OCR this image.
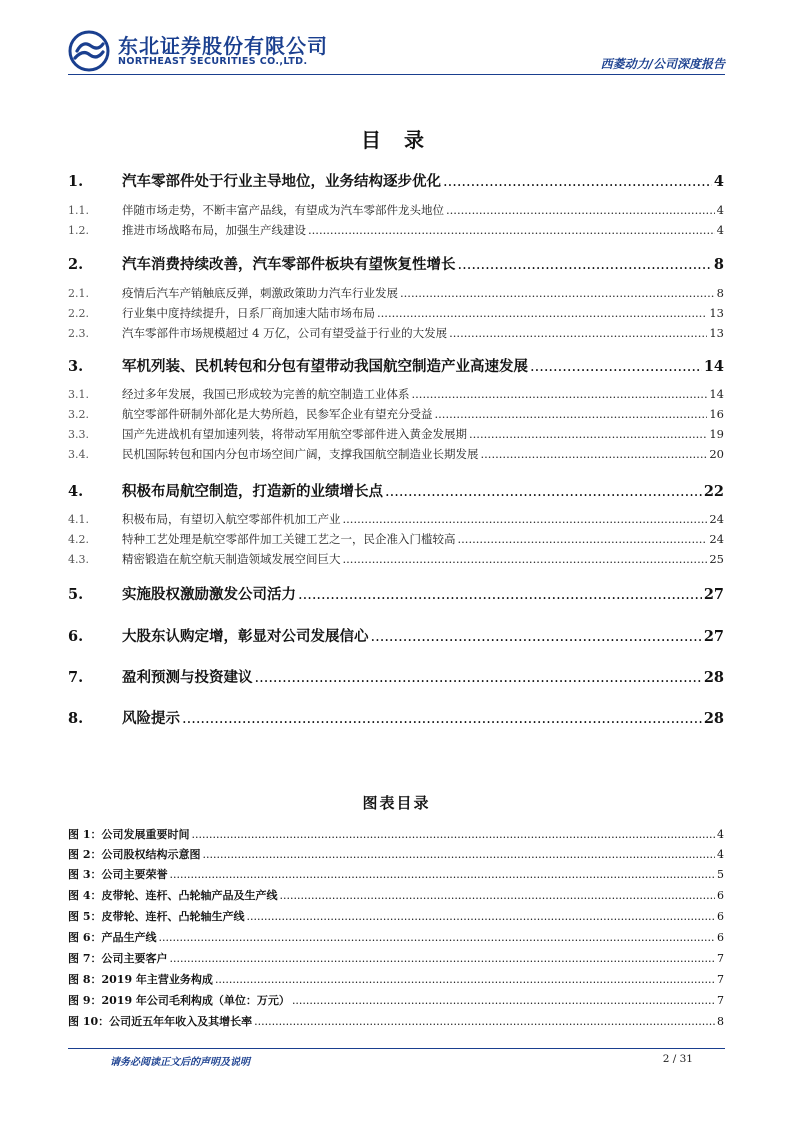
东北证券股份有限公司
NORTHEAST SECURITIES CO.,LTD.	西菱动力/公司深度报告
目 录
1.	汽车零部件处于行业主导地位，业务结构逐步优化 .....	4
1.1.	伴随市场走势，不断丰富产品线，有望成为汽车零部件龙头地位 .....	4
1.2.	推进市场战略布局，加强生产线建设 .....	4
2.	汽车消费持续改善，汽车零部件板块有望恢复性增长 .....	8
2.1.	疫情后汽车产销触底反弹，刺激政策助力汽车行业发展 .....	8
2.2.	行业集中度持续提升，日系厂商加速大陆市场布局 .....	13
2.3.	汽车零部件市场规模超过 4 万亿，公司有望受益于行业的大发展 .....	13
3.	军机列装、民机转包和分包有望带动我国航空制造产业高速发展 .....	14
3.1.	经过多年发展，我国已形成较为完善的航空制造工业体系 .....	14
3.2.	航空零部件研制外部化是大势所趋，民参军企业有望充分受益 .....	16
3.3.	国产先进战机有望加速列装，将带动军用航空零部件进入黄金发展期 .....	19
3.4.	民机国际转包和国内分包市场空间广阔，支撑我国航空制造业长期发展 .....	20
4.	积极布局航空制造，打造新的业绩增长点 .....	22
4.1.	积极布局，有望切入航空零部件机加工产业 .....	24
4.2.	特种工艺处理是航空零部件加工关键工艺之一，民企准入门槛较高 .....	24
4.3.	精密锻造在航空航天制造领域发展空间巨大 .....	25
5.	实施股权激励激发公司活力 .....	27
6.	大股东认购定增，彰显对公司发展信心 .....	27
7.	盈利预测与投资建议 .....	28
8.	风险提示 .....	28
图表目录
图 1：公司发展重要时间 .....	4
图 2：公司股权结构示意图 .....	4
图 3：公司主要荣誉 .....	5
图 4：皮带轮、连杆、凸轮轴产品及生产线 .....	6
图 5：皮带轮、连杆、凸轮轴生产线 .....	6
图 6：产品生产线 .....	6
图 7：公司主要客户 .....	7
图 8：2019 年主营业务构成 .....	7
图 9：2019 年公司毛利构成（单位：万元） .....	7
图 10：公司近五年年收入及其增长率 .....	8
请务必阅读正文后的声明及说明	2 / 31
